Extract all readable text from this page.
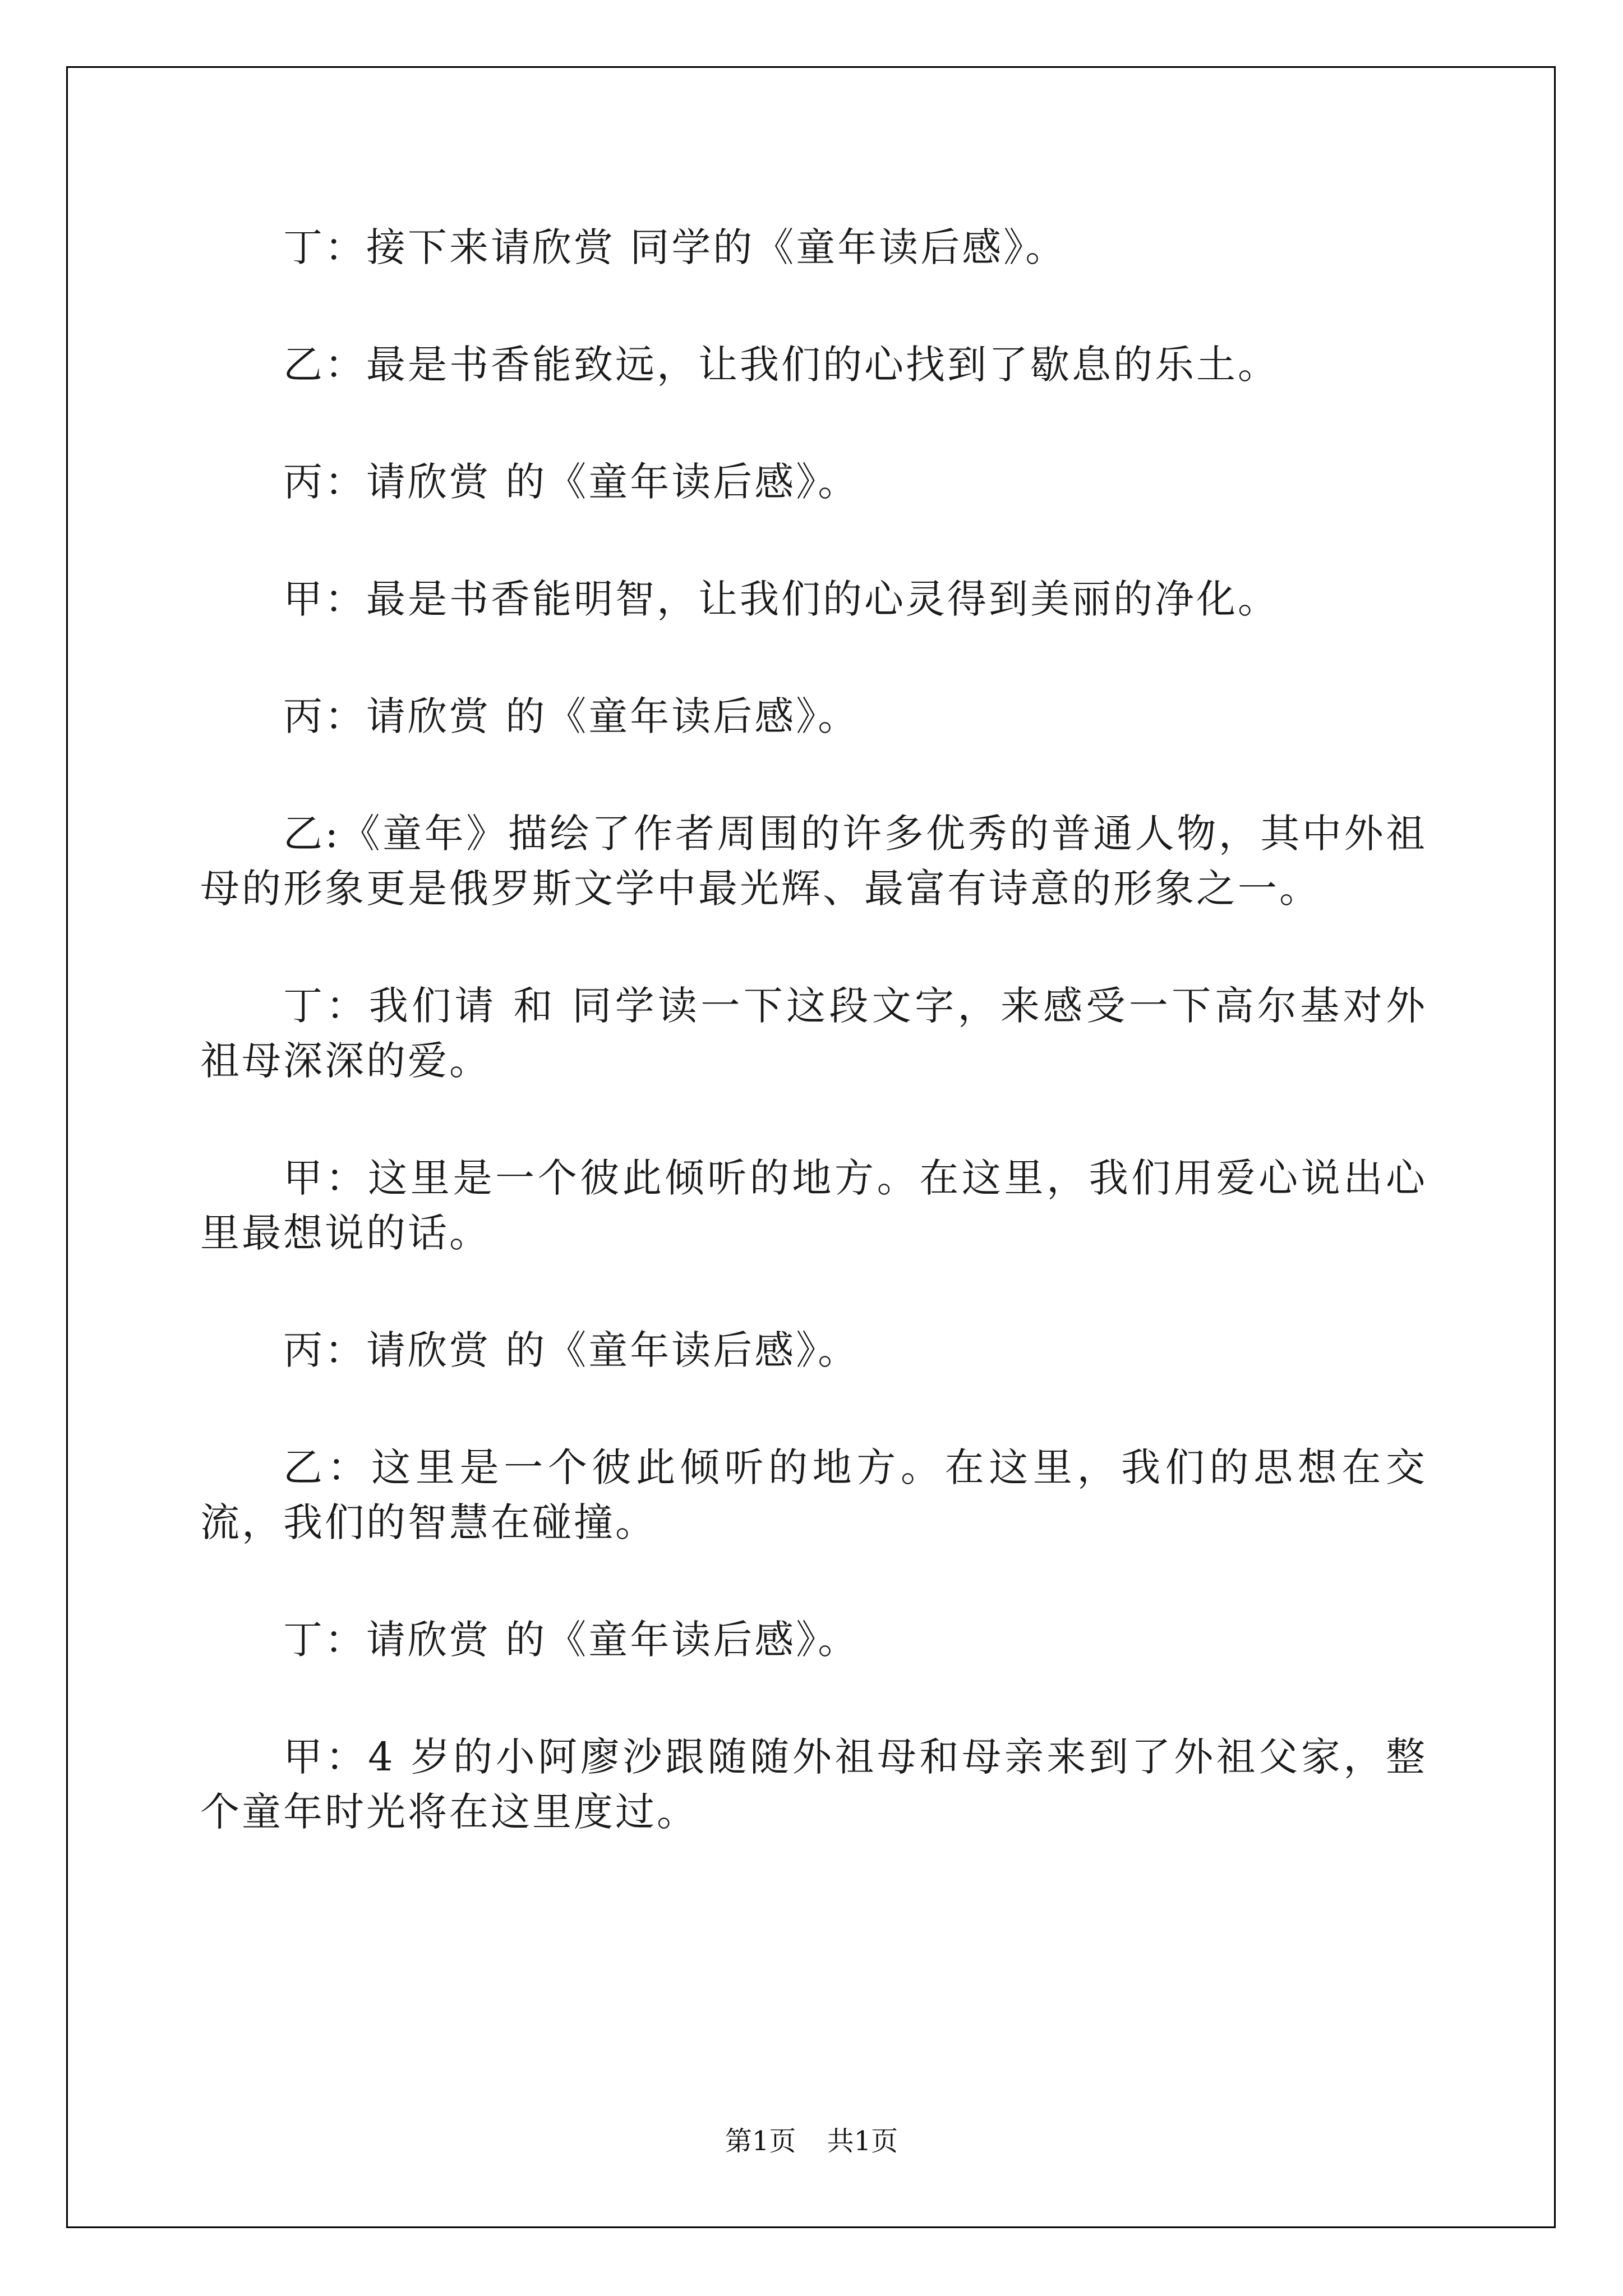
丁：接下来请欣赏 同学的《童年读后感》。

乙：最是书香能致远，让我们的心找到了歇息的乐土。

丙：请欣赏 的《童年读后感》。

甲：最是书香能明智，让我们的心灵得到美丽的净化。

丙：请欣赏 的《童年读后感》。

乙:《童年》描绘了作者周围的许多优秀的普通人物，其中外祖母的形象更是俄罗斯文学中最光辉、最富有诗意的形象之一。

丁：我们请 和 同学读一下这段文字，来感受一下高尔基对外祖母深深的爱。

甲：这里是一个彼此倾听的地方。在这里，我们用爱心说出心里最想说的话。

丙：请欣赏 的《童年读后感》。

乙：这里是一个彼此倾听的地方。在这里，我们的思想在交流，我们的智慧在碰撞。

丁：请欣赏 的《童年读后感》。

甲：4 岁的小阿廖沙跟随随外祖母和母亲来到了外祖父家，整个童年时光将在这里度过。

第1页 共1页
